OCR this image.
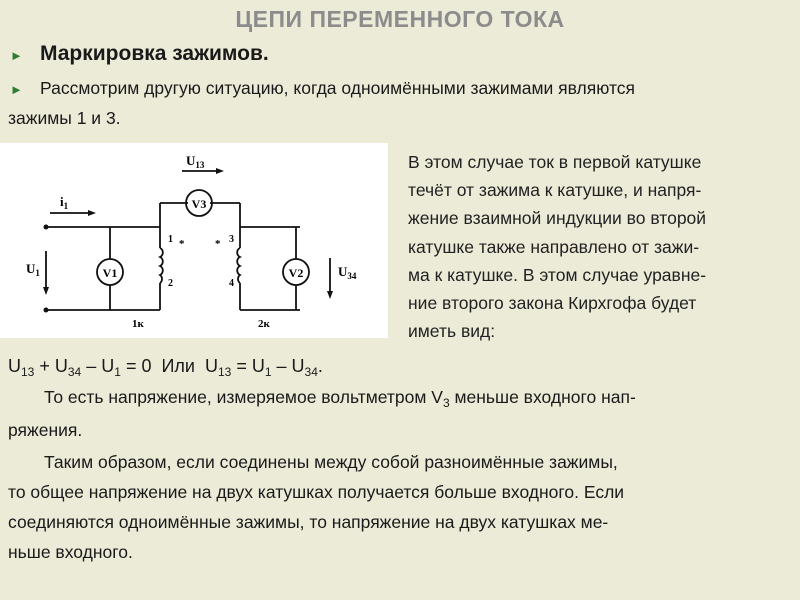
ЦЕПИ ПЕРЕМЕННОГО ТОКА
► Маркировка зажимов.
► Рассмотрим другую ситуацию, когда одноимёнными зажимами являются
зажимы 1 и 3.
V1
V3
V2
$i_1$
$U_1$
$U_{13}$
$U_{34}$
1
2
3
4
*	*
1к	2к
В этом случае ток в первой катушке
течёт от зажима к катушке, и напря-
жение взаимной индукции во второй
катушке также направлено от зажи-
ма к катушке. В этом случае уравне-
ние второго закона Кирхгофа будет
иметь вид:
$U_{13} + U_{34} - U_1 = 0$  Или  $U_{13} = U_1 - U_{34}$.
То есть напряжение, измеряемое вольтметром $V_3$ меньше входного нап-
ряжения.
Таким образом, если соединены между собой разноимённые зажимы,
то общее напряжение на двух катушках получается больше входного. Если
соединяются одноимённые зажимы, то напряжение на двух катушках ме-
ньше входного.
